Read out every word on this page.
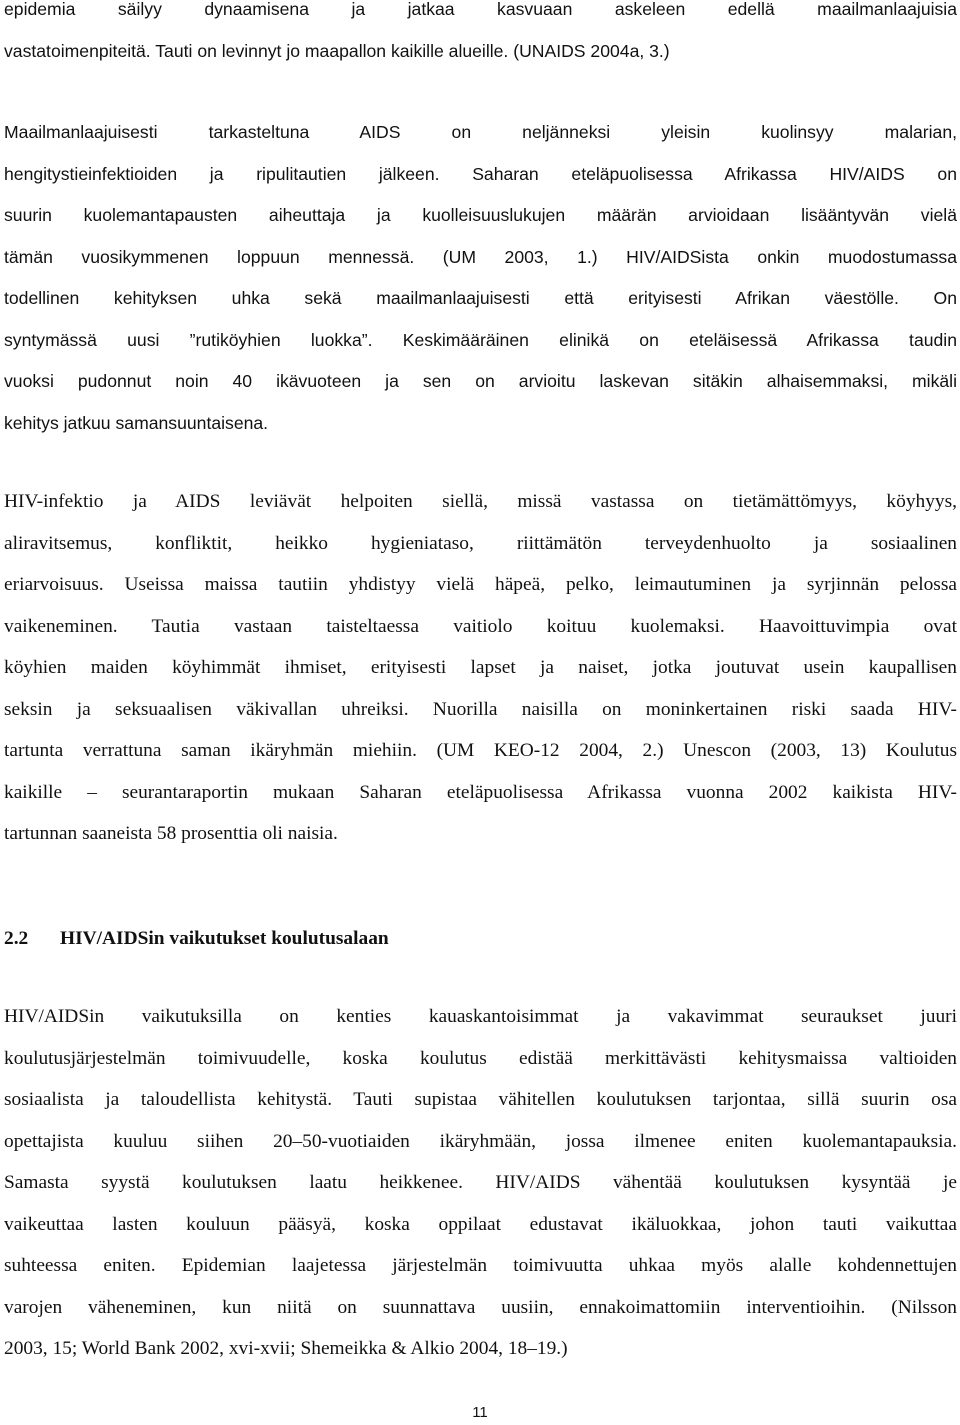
epidemia säilyy dynaamisena ja jatkaa kasvuaan askeleen edellä maailmanlaajuisia
vastatoimenpiteitä. Tauti on levinnyt jo maapallon kaikille alueille. (UNAIDS 2004a, 3.)

Maailmanlaajuisesti tarkasteltuna AIDS on neljänneksi yleisin kuolinsyy malarian,
hengitystieinfektioiden ja ripulitautien jälkeen. Saharan eteläpuolisessa Afrikassa HIV/AIDS on
suurin kuolemantapausten aiheuttaja ja kuolleisuuslukujen määrän arvioidaan lisääntyvän vielä
tämän vuosikymmenen loppuun mennessä. (UM 2003, 1.) HIV/AIDSista onkin muodostumassa
todellinen kehityksen uhka sekä maailmanlaajuisesti että erityisesti Afrikan väestölle. On
syntymässä uusi ”rutiköyhien luokka”. Keskimääräinen elinikä on eteläisessä Afrikassa taudin
vuoksi pudonnut noin 40 ikävuoteen ja sen on arvioitu laskevan sitäkin alhaisemmaksi, mikäli
kehitys jatkuu samansuuntaisena.

HIV-infektio ja AIDS leviävät helpoiten siellä, missä vastassa on tietämättömyys, köyhyys,
aliravitsemus, konfliktit, heikko hygieniataso, riittämätön terveydenhuolto ja sosiaalinen
eriarvoisuus. Useissa maissa tautiin yhdistyy vielä häpeä, pelko, leimautuminen ja syrjinnän pelossa
vaikeneminen. Tautia vastaan taisteltaessa vaitiolo koituu kuolemaksi. Haavoittuvimpia ovat
köyhien maiden köyhimmät ihmiset, erityisesti lapset ja naiset, jotka joutuvat usein kaupallisen
seksin ja seksuaalisen väkivallan uhreiksi. Nuorilla naisilla on moninkertainen riski saada HIV-
tartunta verrattuna saman ikäryhmän miehiin. (UM KEO-12 2004, 2.) Unescon (2003, 13) Koulutus
kaikille – seurantaraportin mukaan Saharan eteläpuolisessa Afrikassa vuonna 2002 kaikista HIV-
tartunnan saaneista 58 prosenttia oli naisia.

2.2 HIV/AIDSin vaikutukset koulutusalaan

HIV/AIDSin vaikutuksilla on kenties kauaskantoisimmat ja vakavimmat seuraukset juuri
koulutusjärjestelmän toimivuudelle, koska koulutus edistää merkittävästi kehitysmaissa valtioiden
sosiaalista ja taloudellista kehitystä. Tauti supistaa vähitellen koulutuksen tarjontaa, sillä suurin osa
opettajista kuuluu siihen 20–50-vuotiaiden ikäryhmään, jossa ilmenee eniten kuolemantapauksia.
Samasta syystä koulutuksen laatu heikkenee. HIV/AIDS vähentää koulutuksen kysyntää je
vaikeuttaa lasten kouluun pääsyä, koska oppilaat edustavat ikäluokkaa, johon tauti vaikuttaa
suhteessa eniten. Epidemian laajetessa järjestelmän toimivuutta uhkaa myös alalle kohdennettujen
varojen väheneminen, kun niitä on suunnattava uusiin, ennakoimattomiin interventioihin. (Nilsson
2003, 15; World Bank 2002, xvi-xvii; Shemeikka & Alkio 2004, 18–19.)

11
